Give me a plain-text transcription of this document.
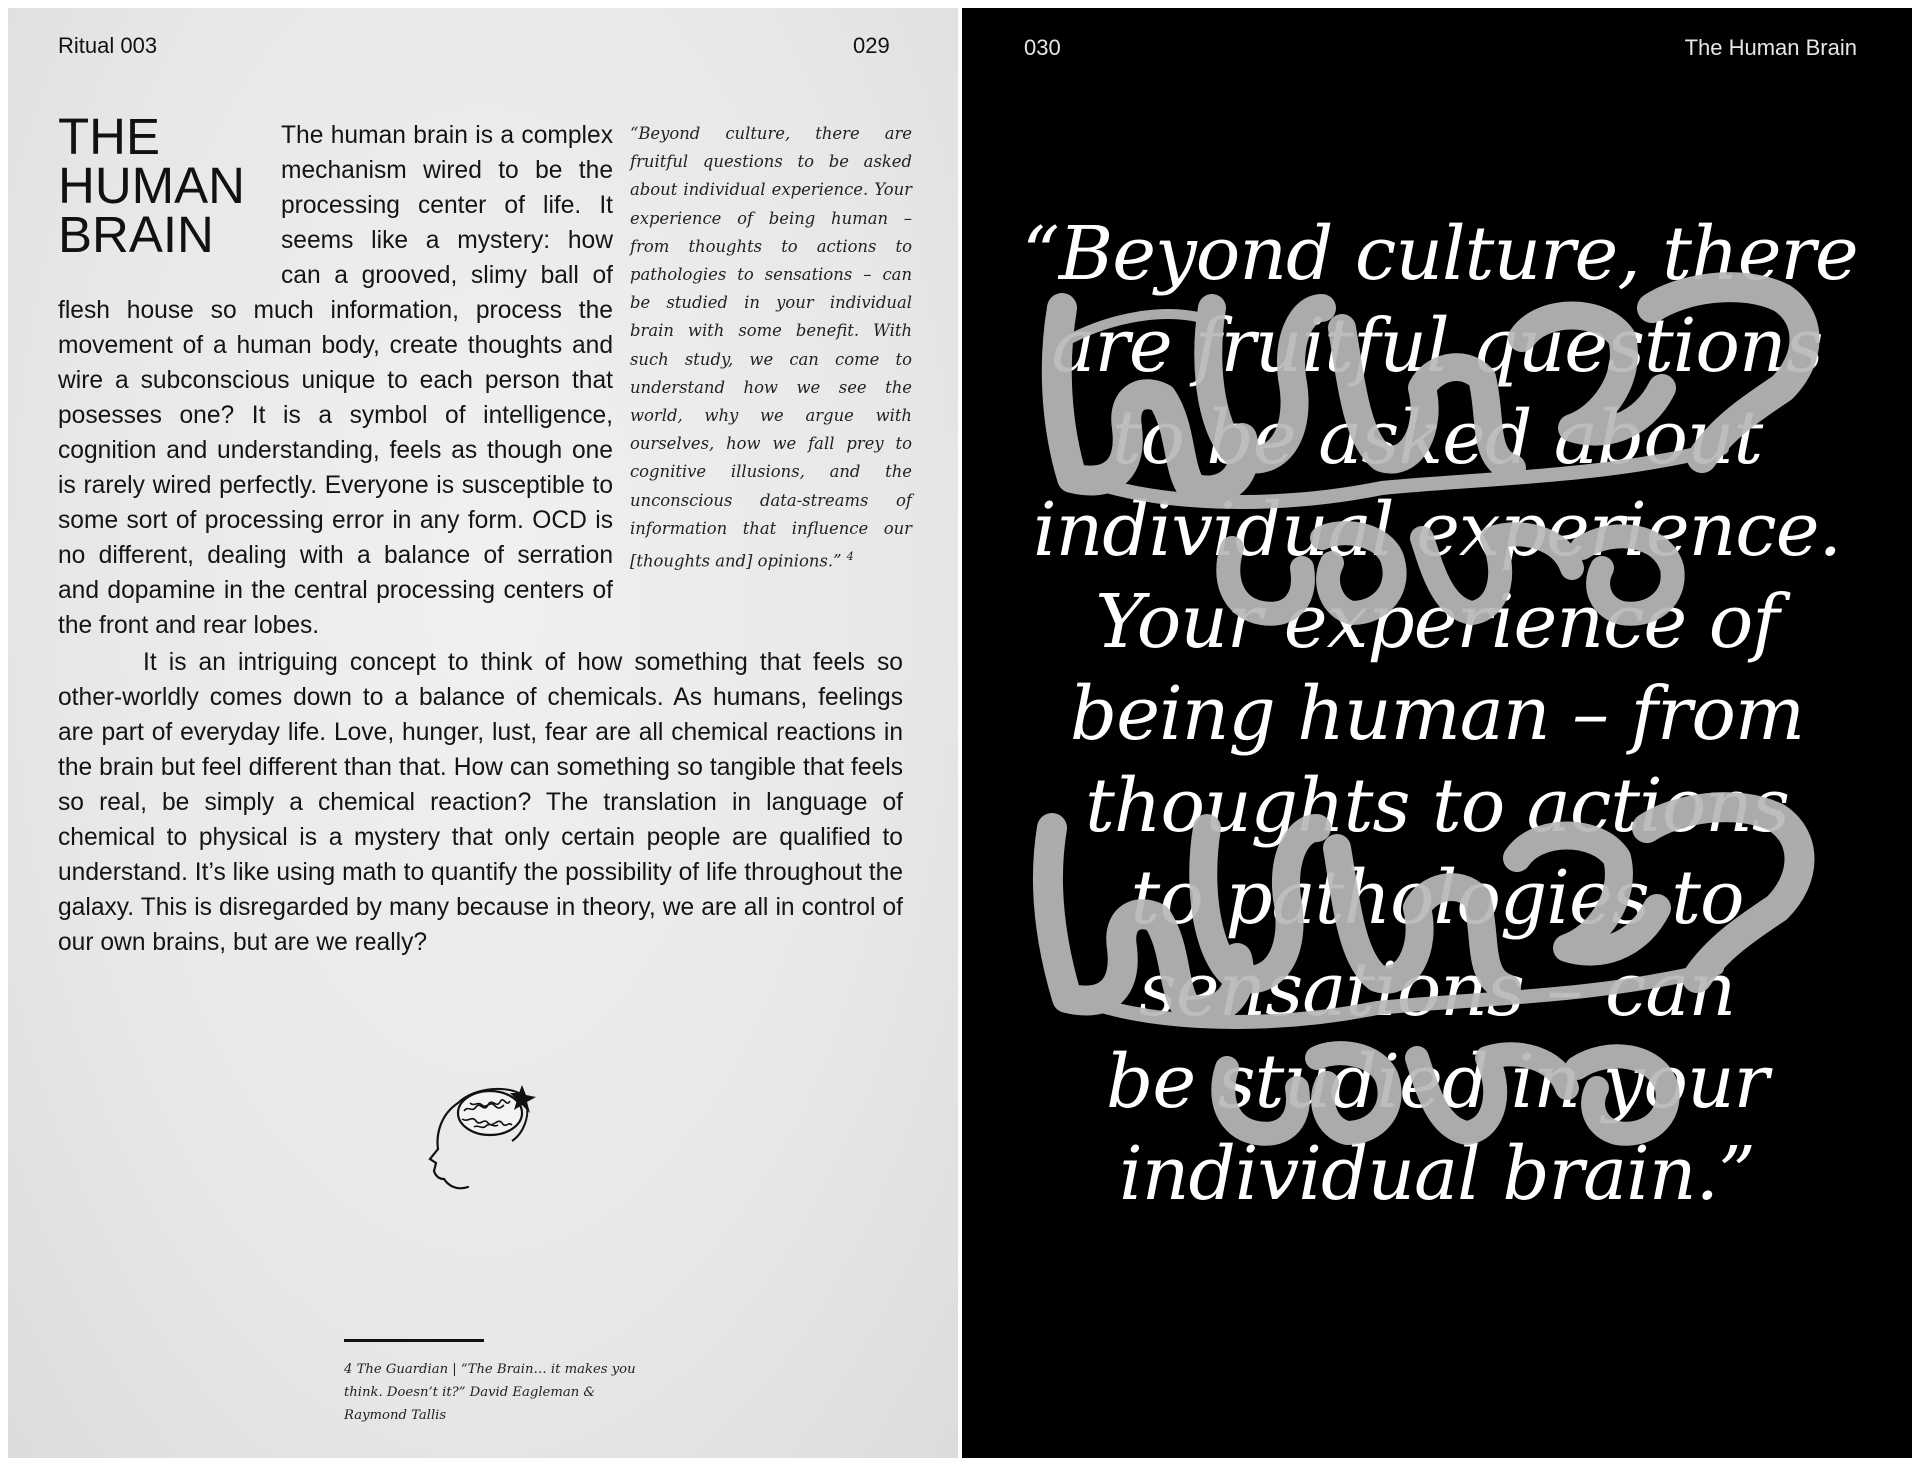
Ritual 003	029
THE
HUMAN
BRAIN
The human brain is a complex mechanism wired to be the processing center of life. It seems like a mystery: how can a grooved, slimy ball of flesh house so much information, process the movement of a human body, create thoughts and wire a subconscious unique to each person that posesses one? It is a symbol of intelligence, cognition and understanding, feels as though one is rarely wired perfectly. Everyone is susceptible to some sort of processing error in any form. OCD is no different, dealing with a balance of serration and dopamine in the central processing centers of the front and rear lobes.
“Beyond culture, there are fruitful questions to be asked about individual experience. Your experience of being human – from thoughts to actions to pathologies to sensations – can be studied in your individual brain with some benefit. With such study, we can come to understand how we see the world, why we argue with ourselves, how we fall prey to cognitive illusions, and the unconscious data-streams of information that influence our [thoughts and] opinions.” $^4$
It is an intriguing concept to think of how something that feels so other-worldly comes down to a balance of chemicals. As humans, feelings are part of everyday life. Love, hunger, lust, fear are all chemical reactions in the brain but feel different than that. How can something so tangible that feels so real, be simply a chemical reaction? The translation in language of chemical to physical is a mystery that only certain people are qualified to understand. It’s like using math to quantify the possibility of life throughout the galaxy. This is disregarded by many because in theory, we are all in control of our own brains, but are we really?
4 The Guardian | “The Brain… it makes you think. Doesn’t it?” David Eagleman & Raymond Tallis
030	The Human Brain
“Beyond culture, there
are fruitful questions
to be asked about
individual experience.
Your experience of
being human – from
thoughts to actions
to pathologies to
sensations – can
be studied in your
individual brain.”
